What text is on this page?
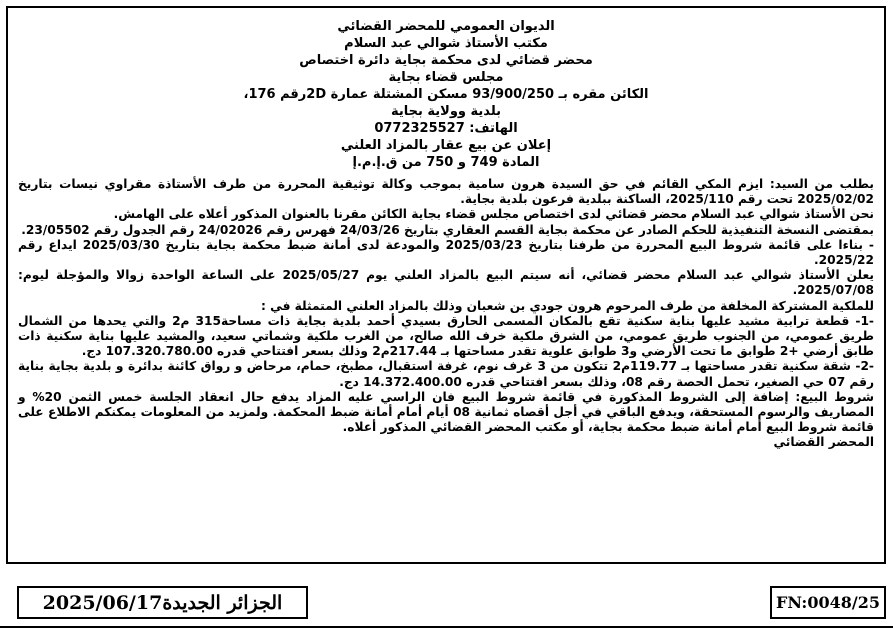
الديوان العمومي للمحضر القضائي
مكتب الأستاذ شوالي عبد السلام
محضر قضائي لدى محكمة بجاية دائرة اختصاص
مجلس قضاء بجاية
الكائن مقره بـ 93/900/250 مسكن المشتلة عمارة 2Dرقم 176،
بلدية وولاية بجاية
الهاتف: 0772325527
إعلان عن بيع عقار بالمزاد العلني
المادة 749 و 750 من ق.إ.م.إ

بطلب من السيد: ايزم المكي القائم في حق السيدة هرون سامية بموجب وكالة توثيقية المحررة من طرف الأستاذة مقراوي نيسات بتاريخ 2025/02/02 تحت رقم 2025/110، الساكنة ببلدية فرعون بلدية بجاية.

نحن الأستاذ شوالي عبد السلام محضر قضائي لدى اختصاص مجلس قضاء بجاية الكائن مقرنا بالعنوان المذكور أعلاه على الهامش.

بمقتضى النسخة التنفيذية للحكم الصادر عن محكمة بجاية القسم العقاري بتاريخ 24/03/26 فهرس رقم 24/02026 رقم الجدول رقم 23/05502.

- بناءا على قائمة شروط البيع المحررة من طرفنا بتاريخ 2025/03/23 والمودعة لدى أمانة ضبط محكمة بجاية بتاريخ 2025/03/30 ايداع رقم 2025/22.

يعلن الأستاذ شوالي عبد السلام محضر قضائي، أنه سيتم البيع بالمزاد العلني يوم 2025/05/27 على الساعة الواحدة زوالا والمؤجلة ليوم: 2025/07/08.

للملكية المشتركة المخلفة من طرف المرحوم هرون جودي بن شعبان وذلك بالمزاد العلني المتمثلة في :

-1- قطعة ترابية مشيد عليها بناية سكنية تقع بالمكان المسمى الحارق بسيدي أحمد بلدية بجاية ذات مساحة315 م2 والتي يحدها من الشمال طريق عمومي، من الجنوب طريق عمومي، من الشرق ملكية خرف الله صالح، من الغرب ملكية وشماتي سعيد، والمشيد عليها بناية سكنية ذات طابق أرضي +2 طوابق ما تحت الأرضي و3 طوابق علوية تقدر مساحتها بـ 217.44م2 وذلك بسعر افتتاحي قدره 107.320.780.00 دج.

-2- شقة سكنية تقدر مساحتها بـ 119.77م2 تتكون من 3 غرف نوم، غرفة استقبال، مطبخ، حمام، مرحاض و رواق كائنة بدائرة و بلدية بجاية بناية رقم 07 حي الصغير، تحمل الحصة رقم 08، وذلك بسعر افتتاحي قدره 14.372.400.00 دج.

شروط البيع: إضافة إلى الشروط المذكورة في قائمة شروط البيع فان الراسي عليه المزاد يدفع حال انعقاد الجلسة خمس الثمن 20% و المصاريف والرسوم المستحقة، ويدفع الباقي في أجل أقصاه ثمانية 08 أيام أمام أمانة ضبط المحكمة. ولمزيد من المعلومات يمكنكم الاطلاع على قائمة شروط البيع أمام أمانة ضبط محكمة بجاية، أو مكتب المحضر القضائي المذكور أعلاه.

المحضر القضائي

الجزائر الجديدة
2025/06/17	FN:0048/25
